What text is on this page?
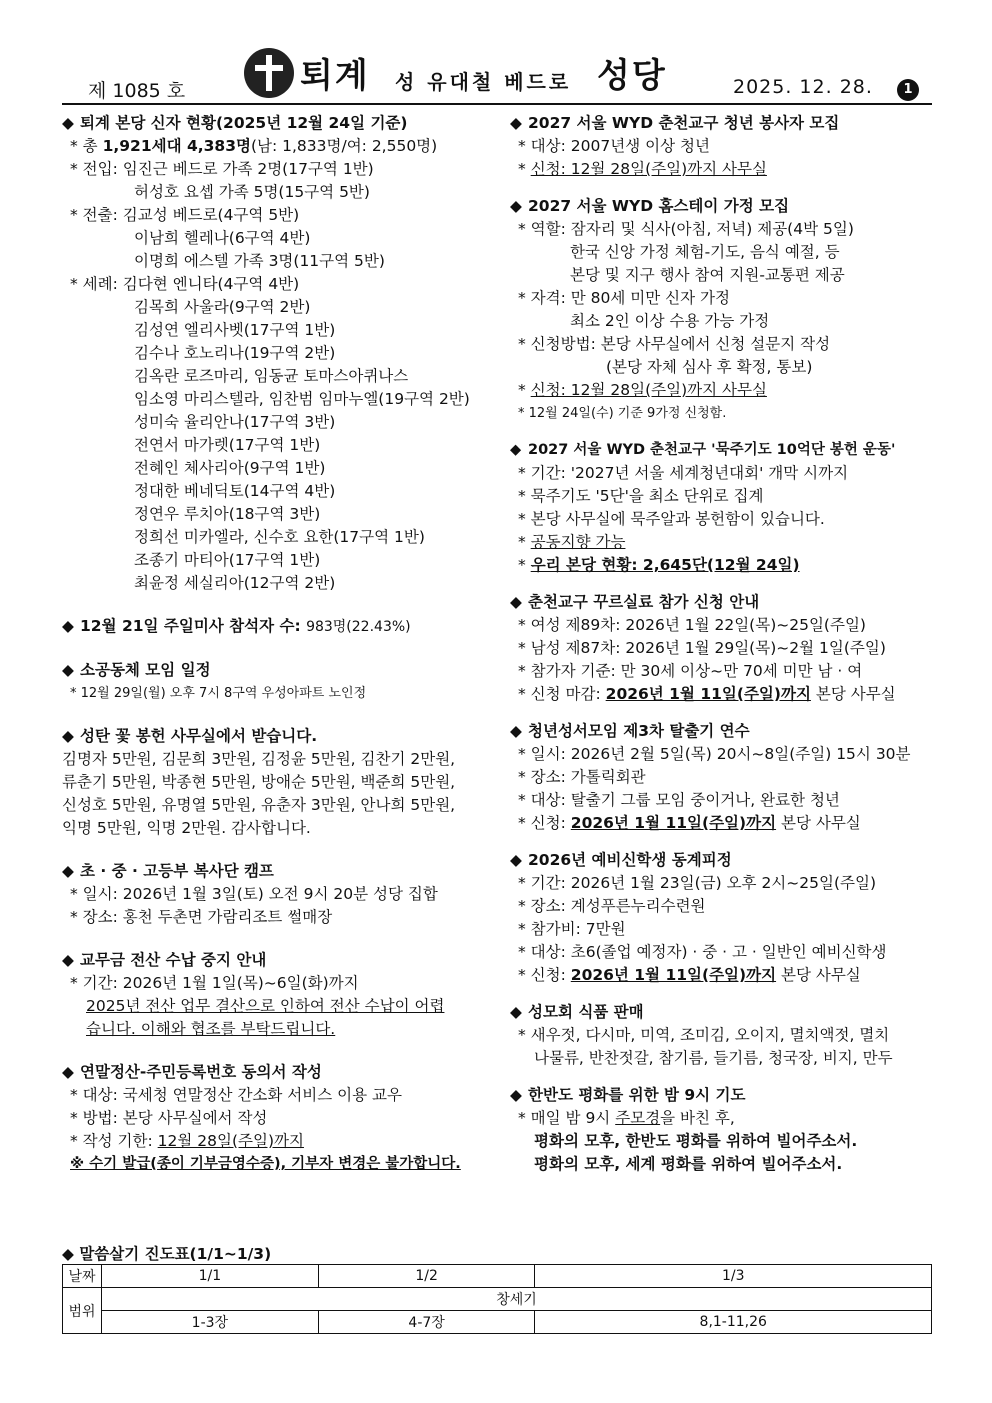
제 1085 호	퇴계 성 유대철 베드로 성당	2025. 12. 28.	1
◆ 퇴계 본당 신자 현황(2025년 12월 24일 기준)
* 총 1,921세대 4,383명(남: 1,833명/여: 2,550명)
* 전입: 임진근 베드로 가족 2명(17구역 1반)
허성호 요셉 가족 5명(15구역 5반)
* 전출: 김교성 베드로(4구역 5반)
이남희 헬레나(6구역 4반)
이명희 에스텔 가족 3명(11구역 5반)
* 세례: 김다현 엔니타(4구역 4반)
김목희 사울라(9구역 2반)
김성연 엘리사벳(17구역 1반)
김수나 호노리나(19구역 2반)
김옥란 로즈마리, 임동균 토마스아퀴나스
임소영 마리스텔라, 임찬범 임마누엘(19구역 2반)
성미숙 율리안나(17구역 3반)
전연서 마가렛(17구역 1반)
전혜인 체사리아(9구역 1반)
정대한 베네딕토(14구역 4반)
정연우 루치아(18구역 3반)
정희선 미카엘라, 신수호 요한(17구역 1반)
조종기 마티아(17구역 1반)
최윤정 세실리아(12구역 2반)
◆ 12월 21일 주일미사 참석자 수: 983명(22.43%)
◆ 소공동체 모임 일정
* 12월 29일(월) 오후 7시 8구역 우성아파트 노인정
◆ 성탄 꽃 봉헌 사무실에서 받습니다.
김명자 5만원, 김문희 3만원, 김정윤 5만원, 김찬기 2만원,
류춘기 5만원, 박종현 5만원, 방애순 5만원, 백준희 5만원,
신성호 5만원, 유명열 5만원, 유춘자 3만원, 안나희 5만원,
익명 5만원, 익명 2만원. 감사합니다.
◆ 초 · 중 · 고등부 복사단 캠프
* 일시: 2026년 1월 3일(토) 오전 9시 20분 성당 집합
* 장소: 홍천 두촌면 가람리조트 썰매장
◆ 교무금 전산 수납 중지 안내
* 기간: 2026년 1월 1일(목)~6일(화)까지
2025년 전산 업무 결산으로 인하여 전산 수납이 어렵
습니다. 이해와 협조를 부탁드립니다.
◆ 연말정산-주민등록번호 동의서 작성
* 대상: 국세청 연말정산 간소화 서비스 이용 교우
* 방법: 본당 사무실에서 작성
* 작성 기한: 12월 28일(주일)까지
※ 수기 발급(종이 기부금영수증), 기부자 변경은 불가합니다.
◆ 2027 서울 WYD 춘천교구 청년 봉사자 모집
* 대상: 2007년생 이상 청년
* 신청: 12월 28일(주일)까지 사무실
◆ 2027 서울 WYD 홈스테이 가정 모집
* 역할: 잠자리 및 식사(아침, 저녁) 제공(4박 5일)
한국 신앙 가정 체험-기도, 음식 예절, 등
본당 및 지구 행사 참여 지원-교통편 제공
* 자격: 만 80세 미만 신자 가정
최소 2인 이상 수용 가능 가정
* 신청방법: 본당 사무실에서 신청 설문지 작성
(본당 자체 심사 후 확정, 통보)
* 신청: 12월 28일(주일)까지 사무실
* 12월 24일(수) 기준 9가정 신청함.
◆ 2027 서울 WYD 춘천교구 '묵주기도 10억단 봉헌 운동'
* 기간: '2027년 서울 세계청년대회' 개막 시까지
* 묵주기도 '5단'을 최소 단위로 집계
* 본당 사무실에 묵주알과 봉헌함이 있습니다.
* 공동지향 가능
* 우리 본당 현황: 2,645단(12월 24일)
◆ 춘천교구 꾸르실료 참가 신청 안내
* 여성 제89차: 2026년 1월 22일(목)~25일(주일)
* 남성 제87차: 2026년 1월 29일(목)~2월 1일(주일)
* 참가자 기준: 만 30세 이상~만 70세 미만 남 · 여
* 신청 마감: 2026년 1월 11일(주일)까지 본당 사무실
◆ 청년성서모임 제3차 탈출기 연수
* 일시: 2026년 2월 5일(목) 20시~8일(주일) 15시 30분
* 장소: 가톨릭회관
* 대상: 탈출기 그룹 모임 중이거나, 완료한 청년
* 신청: 2026년 1월 11일(주일)까지 본당 사무실
◆ 2026년 예비신학생 동계피정
* 기간: 2026년 1월 23일(금) 오후 2시~25일(주일)
* 장소: 계성푸른누리수련원
* 참가비: 7만원
* 대상: 초6(졸업 예정자) · 중 · 고 · 일반인 예비신학생
* 신청: 2026년 1월 11일(주일)까지 본당 사무실
◆ 성모회 식품 판매
* 새우젓, 다시마, 미역, 조미김, 오이지, 멸치액젓, 멸치
나물류, 반찬젓갈, 참기름, 들기름, 청국장, 비지, 만두
◆ 한반도 평화를 위한 밤 9시 기도
* 매일 밤 9시 주모경을 바친 후,
평화의 모후, 한반도 평화를 위하여 빌어주소서.
평화의 모후, 세계 평화를 위하여 빌어주소서.
◆ 말씀살기 진도표(1/1~1/3)
날짜	1/1	1/2	1/3
범위	창세기		
	1-3장	4-7장	8,1-11,26
